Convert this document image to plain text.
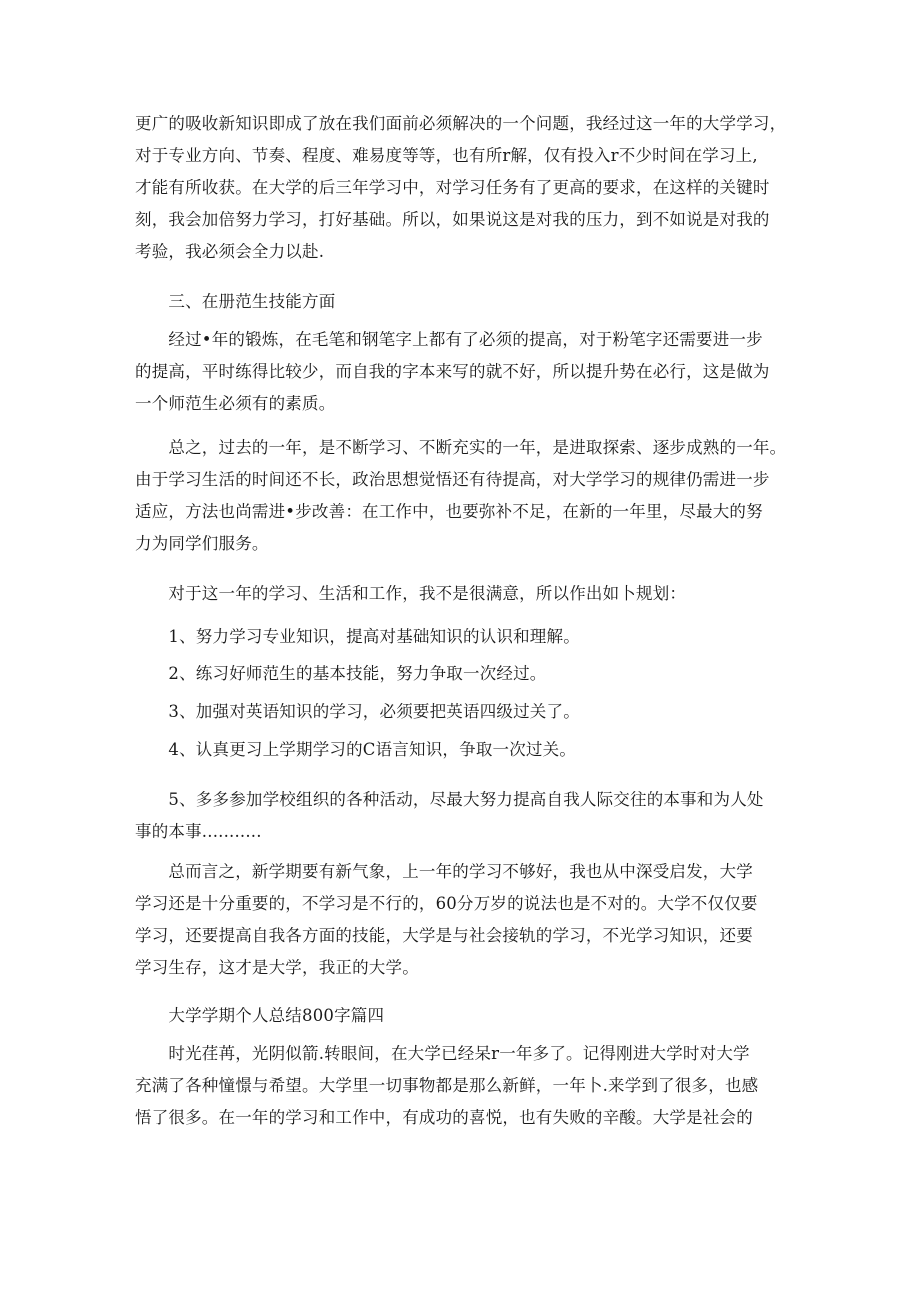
更广的吸收新知识即成了放在我们面前必须解决的一个问题，我经过这一年的大学学习，
对于专业方向、节奏、程度、难易度等等，也有所r解，仅有投入r不少时间在学习上,
才能有所收获。在大学的后三年学习中，对学习任务有了更高的要求，在这样的关键时
刻，我会加倍努力学习，打好基础。所以，如果说这是对我的压力，到不如说是对我的
考验，我必须会全力以赴.
　　三、在册范生技能方面
　　经过•年的锻炼，在毛笔和钢笔字上都有了必须的提高，对于粉笔字还需要进一步
的提高，平时练得比较少，而自我的字本来写的就不好，所以提升势在必行，这是做为
一个师范生必须有的素质。
　　总之，过去的一年，是不断学习、不断充实的一年，是进取探索、逐步成熟的一年。
由于学习生活的时间还不长，政治思想觉悟还有待提高，对大学学习的规律仍需进一步
适应，方法也尚需进•步改善：在工作中，也要弥补不足，在新的一年里，尽最大的努
力为同学们服务。
　　对于这一年的学习、生活和工作，我不是很满意，所以作出如卜规划：
　　1、努力学习专业知识，提高对基础知识的认识和理解。
　　2、练习好师范生的基本技能，努力争取一次经过。
　　3、加强对英语知识的学习，必须要把英语四级过关了。
　　4、认真更习上学期学习的C语言知识，争取一次过关。
　　5、多多参加学校组织的各种活动，尽最大努力提高自我人际交往的本事和为人处
事的本事...........
　　总而言之，新学期要有新气象，上一年的学习不够好，我也从中深受启发，大学
学习还是十分重要的，不学习是不行的，60分万岁的说法也是不对的。大学不仅仅要
学习，还要提高自我各方面的技能，大学是与社会接轨的学习，不光学习知识，还要
学习生存，这才是大学，我正的大学。
　　大学学期个人总结800字篇四
　　时光荏苒，光阴似箭.转眼间，在大学已经呆r一年多了。记得刚进大学时对大学
充满了各种憧憬与希望。大学里一切事物都是那么新鲜，一年卜.来学到了很多，也感
悟了很多。在一年的学习和工作中，有成功的喜悦，也有失败的辛酸。大学是社会的
